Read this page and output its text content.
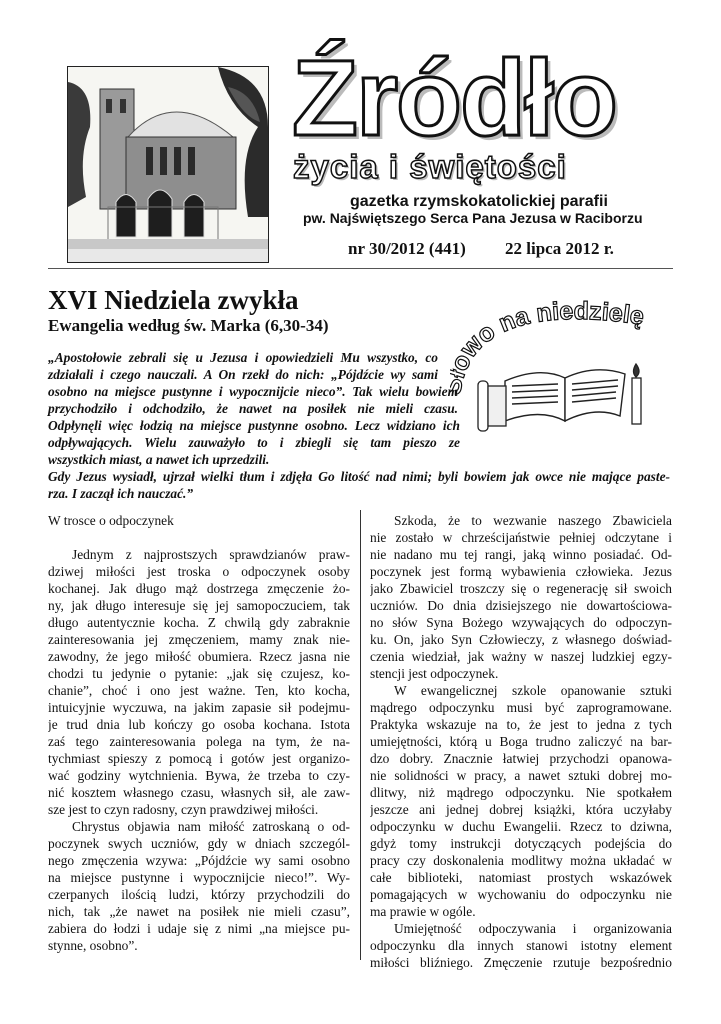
Źródło
życia i świętości
gazetka rzymskokatolickiej parafii
pw. Najświętszego Serca Pana Jezusa w Raciborzu
nr 30/2012 (441) 22 lipca 2012 r.
XVI Niedziela zwykła
Ewangelia według św. Marka (6,30-34)
wo na niedzielę
„Apostołowie zebrali się u Jezusa i opowiedzieli Mu wszystko, co
zdziałali i czego nauczali. A On rzekł do nich: „Pójdźcie wy sami
osobno na miejsce pustynne i wypocznijcie nieco”. Tak wielu bowiem
przychodziło i odchodziło, że nawet na posiłek nie mieli czasu.
Odpłynęli więc łodzią na miejsce pustynne osobno. Lecz widziano ich
odpływających. Wielu zauważyło to i zbiegli się tam pieszo ze
wszystkich miast, a nawet ich uprzedzili.
Gdy Jezus wysiadł, ujrzał wielki tłum i zdjęła Go litość nad nimi; byli bowiem jak owce nie mające paste-
rza. I zaczął ich nauczać.”
W trosce o odpoczynek
Jednym z najprostszych sprawdzianów praw-
dziwej miłości jest troska o odpoczynek osoby
kochanej. Jak długo mąż dostrzega zmęczenie żo-
ny, jak długo interesuje się jej samopoczuciem, tak
długo autentycznie kocha. Z chwilą gdy zabraknie
zainteresowania jej zmęczeniem, mamy znak nie-
zawodny, że jego miłość obumiera. Rzecz jasna nie
chodzi tu jedynie o pytanie: „jak się czujesz, ko-
chanie”, choć i ono jest ważne. Ten, kto kocha,
intuicyjnie wyczuwa, na jakim zapasie sił podejmu-
je trud dnia lub kończy go osoba kochana. Istota
zaś tego zainteresowania polega na tym, że na-
tychmiast spieszy z pomocą i gotów jest organizo-
wać godziny wytchnienia. Bywa, że trzeba to czy-
nić kosztem własnego czasu, własnych sił, ale zaw-
sze jest to czyn radosny, czyn prawdziwej miłości.
Chrystus objawia nam miłość zatroskaną o od-
poczynek swych uczniów, gdy w dniach szczegól-
nego zmęczenia wzywa: „Pójdźcie wy sami osobno
na miejsce pustynne i wypocznijcie nieco!”. Wy-
czerpanych ilością ludzi, którzy przychodzili do
nich, tak „że nawet na posiłek nie mieli czasu”,
zabiera do łodzi i udaje się z nimi „na miejsce pu-
stynne, osobno”.
Szkoda, że to wezwanie naszego Zbawiciela
nie zostało w chrześcijaństwie pełniej odczytane i
nie nadano mu tej rangi, jaką winno posiadać. Od-
poczynek jest formą wybawienia człowieka. Jezus
jako Zbawiciel troszczy się o regenerację sił swoich
uczniów. Do dnia dzisiejszego nie dowartościowa-
no słów Syna Bożego wzywających do odpoczyn-
ku. On, jako Syn Człowieczy, z własnego doświad-
czenia wiedział, jak ważny w naszej ludzkiej egzy-
stencji jest odpoczynek.
W ewangelicznej szkole opanowanie sztuki
mądrego odpoczynku musi być zaprogramowane.
Praktyka wskazuje na to, że jest to jedna z tych
umiejętności, którą u Boga trudno zaliczyć na bar-
dzo dobry. Znacznie łatwiej przychodzi opanowa-
nie solidności w pracy, a nawet sztuki dobrej mo-
dlitwy, niż mądrego odpoczynku. Nie spotkałem
jeszcze ani jednej dobrej książki, która uczyłaby
odpoczynku w duchu Ewangelii. Rzecz to dziwna,
gdyż tomy instrukcji dotyczących podejścia do
pracy czy doskonalenia modlitwy można układać w
całe biblioteki, natomiast prostych wskazówek
pomagających w wychowaniu do odpoczynku nie
ma prawie w ogóle.
Umiejętność odpoczywania i organizowania
odpoczynku dla innych stanowi istotny element
miłości bliźniego. Zmęczenie rzutuje bezpośrednio
